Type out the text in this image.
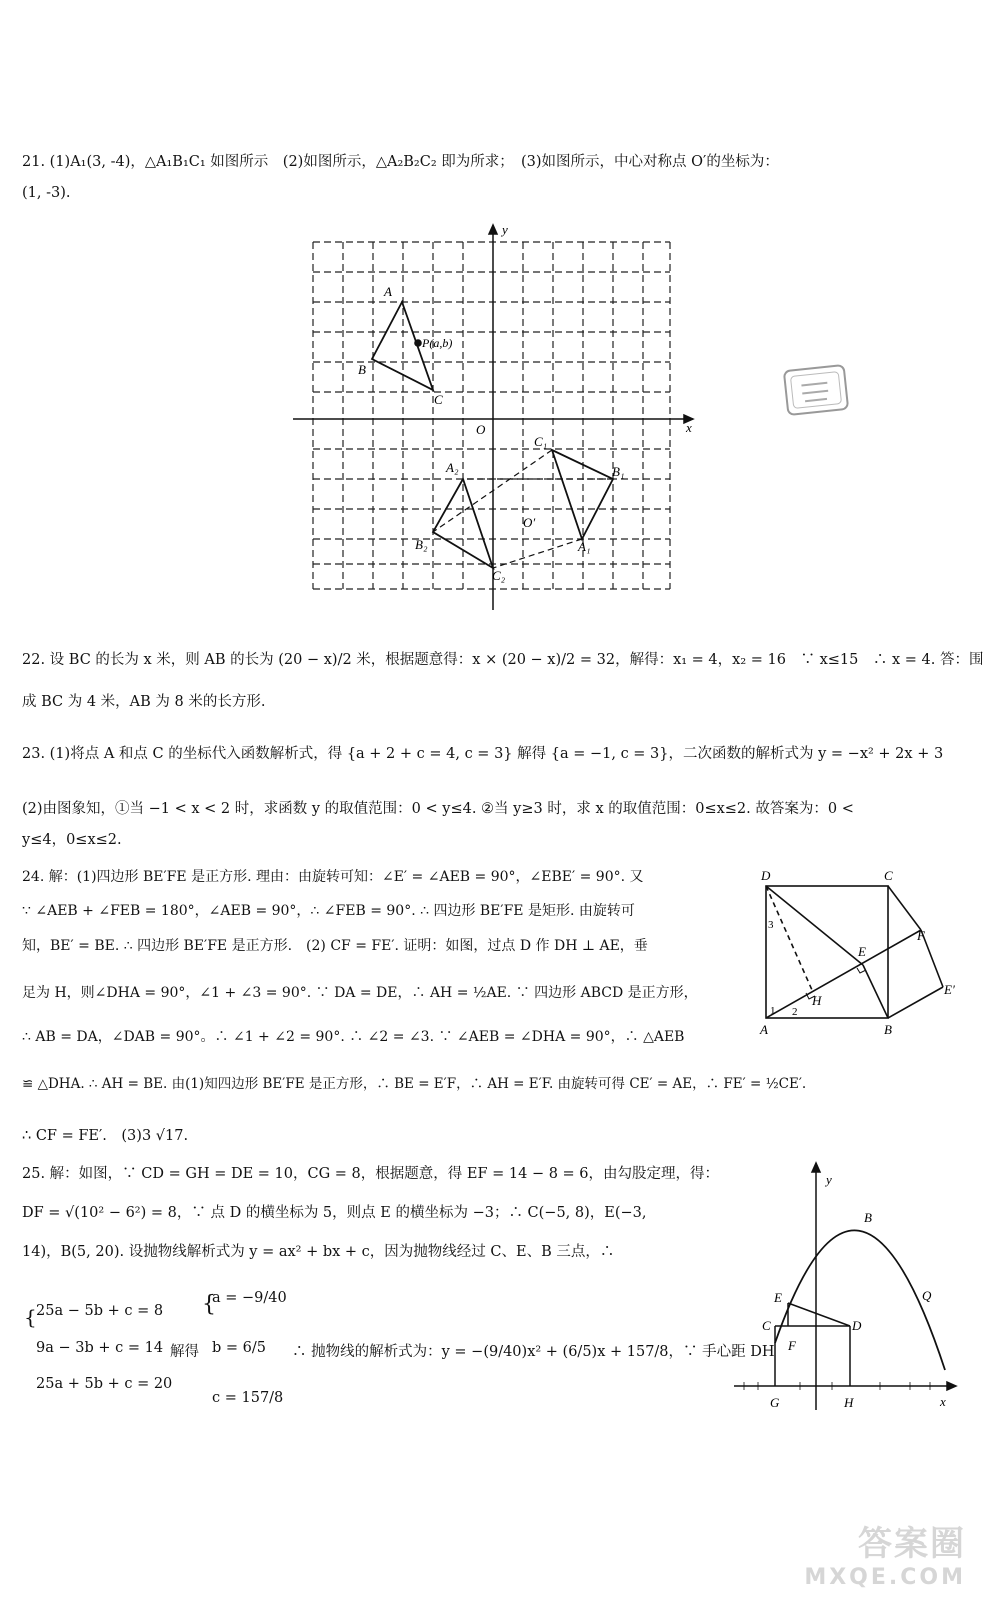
21. (1)A₁(3, -4)，△A₁B₁C₁ 如图所示　(2)如图所示，△A₂B₂C₂ 即为所求；　(3)如图所示，中心对称点 O′的坐标为：
(1, -3).
y
x
O
A
B
C
P(a,b)
C₁
B₁
A₁
A₂
B₂
C₂
O′
22. 设 BC 的长为 x 米，则 AB 的长为 (20 − x)/2 米，根据题意得：x × (20 − x)/2 = 32，解得：x₁ = 4，x₂ = 16　∵ x≤15　∴ x = 4. 答：围
成 BC 为 4 米，AB 为 8 米的长方形.
23. (1)将点 A 和点 C 的坐标代入函数解析式，得 {a + 2 + c = 4, c = 3} 解得 {a = −1, c = 3}，二次函数的解析式为 y = −x² + 2x + 3
(2)由图象知，①当 −1 < x < 2 时，求函数 y 的取值范围：0 < y≤4. ②当 y≥3 时，求 x 的取值范围：0≤x≤2. 故答案为：0 <
y≤4，0≤x≤2.
24. 解：(1)四边形 BE′FE 是正方形. 理由：由旋转可知：∠E′ = ∠AEB = 90°，∠EBE′ = 90°. 又
∵ ∠AEB + ∠FEB = 180°，∠AEB = 90°，∴ ∠FEB = 90°. ∴ 四边形 BE′FE 是矩形. 由旋转可
知，BE′ = BE. ∴ 四边形 BE′FE 是正方形.　(2) CF = FE′. 证明：如图，过点 D 作 DH ⊥ AE，垂
足为 H，则∠DHA = 90°，∠1 + ∠3 = 90°. ∵ DA = DE，∴ AH = ½AE. ∵ 四边形 ABCD 是正方形，
∴ AB = DA，∠DAB = 90°。∴ ∠1 + ∠2 = 90°. ∴ ∠2 = ∠3. ∵ ∠AEB = ∠DHA = 90°，∴ △AEB
≌ △DHA. ∴ AH = BE. 由(1)知四边形 BE′FE 是正方形，∴ BE = E′F，∴ AH = E′F. 由旋转可得 CE′ = AE，∴ FE′ = ½CE′.
∴ CF = FE′.　(3)3 √17.
D	C
F
E
E′
H
A	B
1 2
3
25. 解：如图，∵ CD = GH = DE = 10，CG = 8，根据题意，得 EF = 14 − 8 = 6，由勾股定理，得：
DF = √(10² − 6²) = 8，∵ 点 D 的横坐标为 5，则点 E 的横坐标为 −3；∴ C(−5, 8)，E(−3,
14)，B(5, 20). 设抛物线解析式为 y = ax² + bx + c，因为抛物线经过 C、E、B 三点，∴
{ 25a − 5b + c = 8
9a − 3b + c = 14
25a + 5b + c = 20
解得
{
a = −9/40
b = 6/5
c = 157/8
∴ 抛物线的解析式为：y = −(9/40)x² + (6/5)x + 157/8，∵ 手心距 DH
y
x
B
Q
E
C	D
F
G	H
答案圈
MXQE.COM
